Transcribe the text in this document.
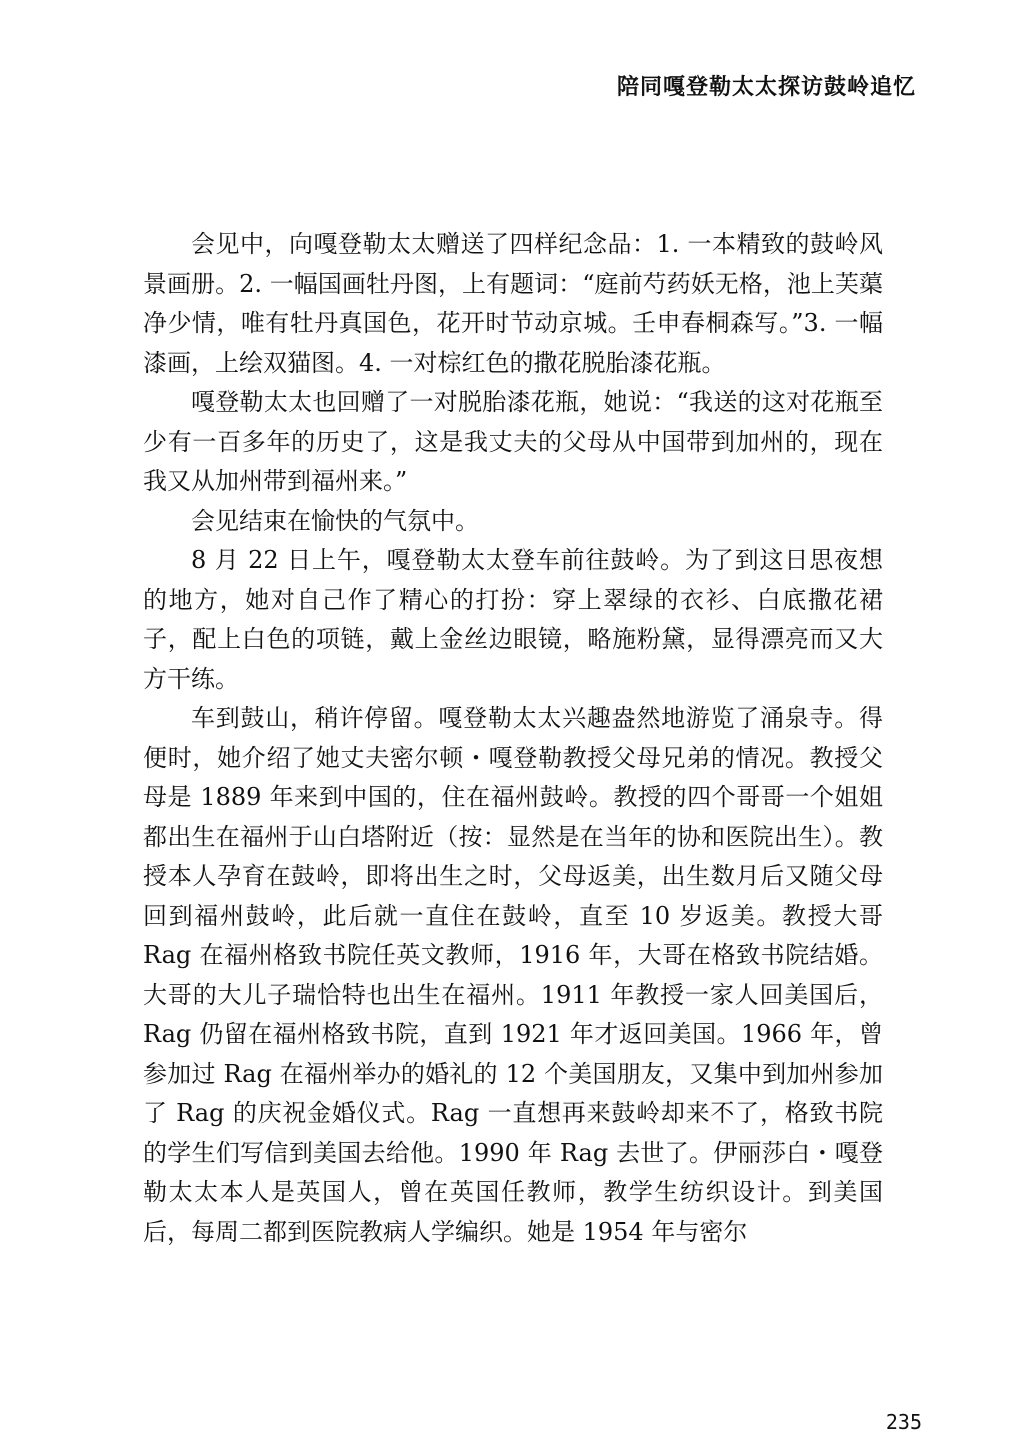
陪同嘎登勒太太探访鼓岭追忆

会见中，向嘎登勒太太赠送了四样纪念品：1. 一本精致的鼓岭风景画册。2. 一幅国画牡丹图，上有题词：“庭前芍药妖无格，池上芙蕖净少情，唯有牡丹真国色，花开时节动京城。壬申春桐森写。”3. 一幅漆画，上绘双猫图。4. 一对棕红色的撒花脱胎漆花瓶。

嘎登勒太太也回赠了一对脱胎漆花瓶，她说：“我送的这对花瓶至少有一百多年的历史了，这是我丈夫的父母从中国带到加州的，现在我又从加州带到福州来。”

会见结束在愉快的气氛中。

8 月 22 日上午，嘎登勒太太登车前往鼓岭。为了到这日思夜想的地方，她对自己作了精心的打扮：穿上翠绿的衣衫、白底撒花裙子，配上白色的项链，戴上金丝边眼镜，略施粉黛，显得漂亮而又大方干练。

车到鼓山，稍许停留。嘎登勒太太兴趣盎然地游览了涌泉寺。得便时，她介绍了她丈夫密尔顿・嘎登勒教授父母兄弟的情况。教授父母是 1889 年来到中国的，住在福州鼓岭。教授的四个哥哥一个姐姐都出生在福州于山白塔附近（按：显然是在当年的协和医院出生）。教授本人孕育在鼓岭，即将出生之时，父母返美，出生数月后又随父母回到福州鼓岭，此后就一直住在鼓岭，直至 10 岁返美。教授大哥 Rag 在福州格致书院任英文教师，1916 年，大哥在格致书院结婚。大哥的大儿子瑞恰特也出生在福州。1911 年教授一家人回美国后，Rag 仍留在福州格致书院，直到 1921 年才返回美国。1966 年，曾参加过 Rag 在福州举办的婚礼的 12 个美国朋友，又集中到加州参加了 Rag 的庆祝金婚仪式。Rag 一直想再来鼓岭却来不了，格致书院的学生们写信到美国去给他。1990 年 Rag 去世了。伊丽莎白・嘎登勒太太本人是英国人，曾在英国任教师，教学生纺织设计。到美国后，每周二都到医院教病人学编织。她是 1954 年与密尔

235
